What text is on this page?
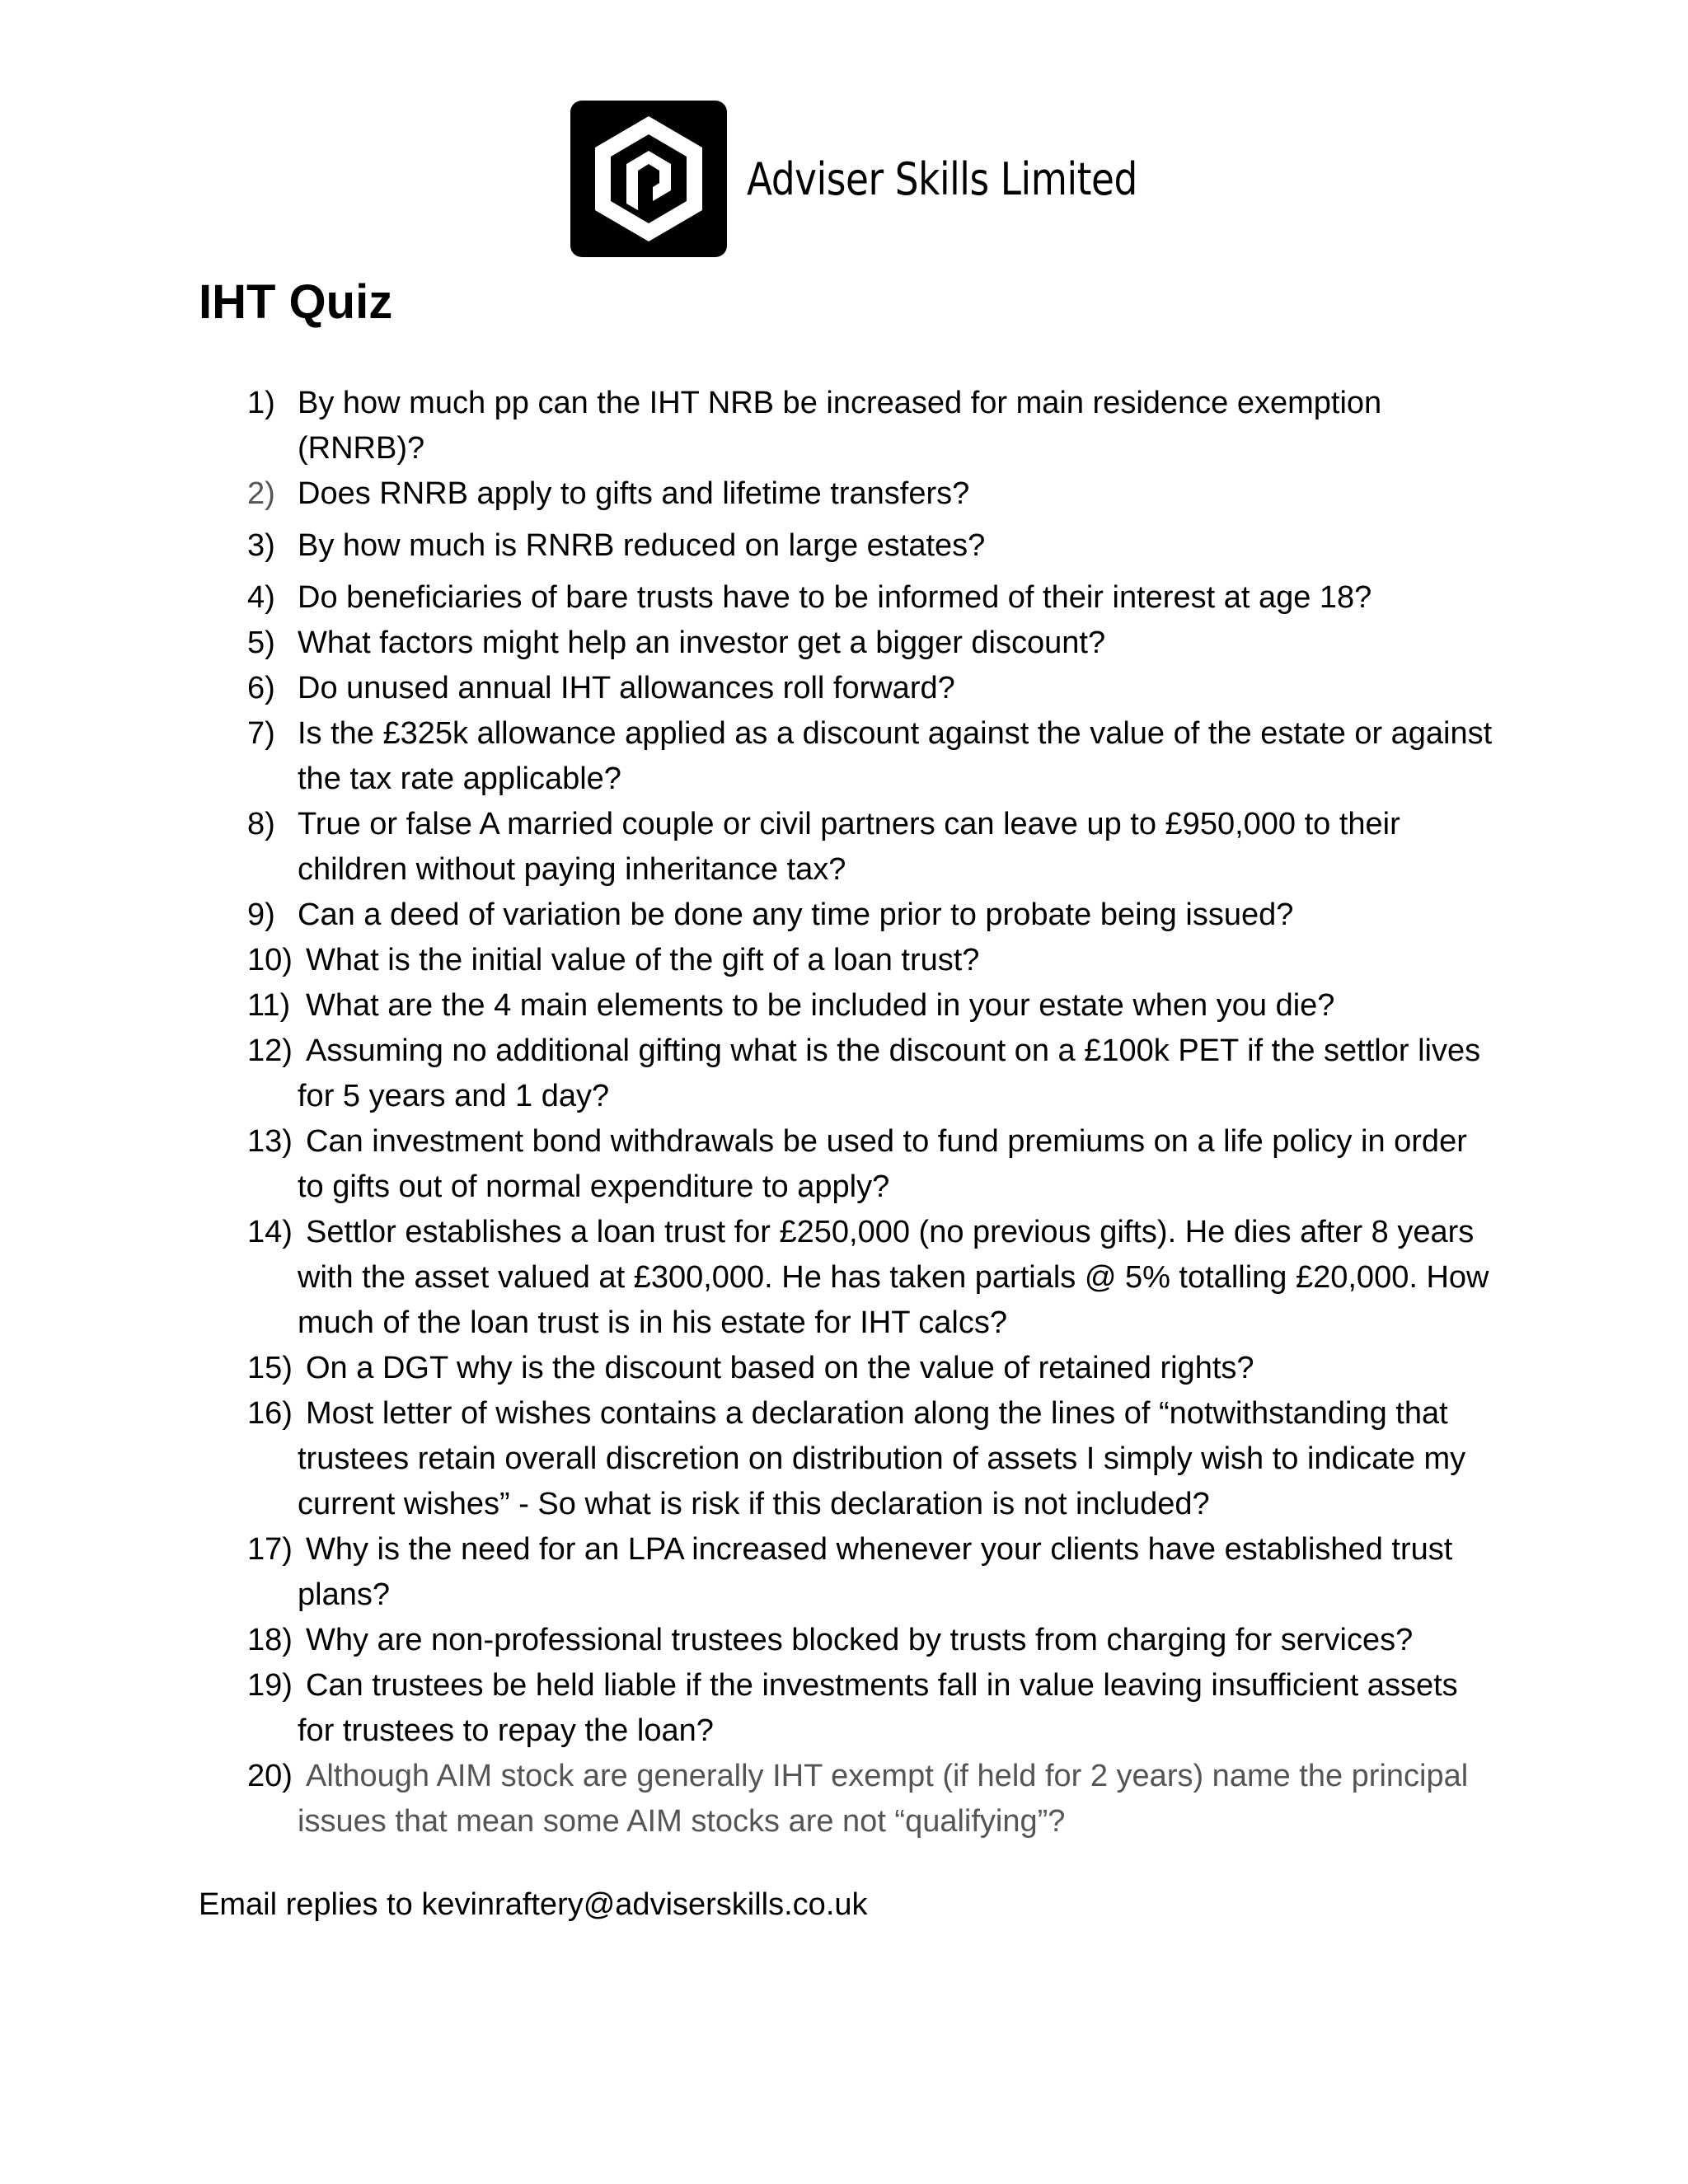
Adviser Skills Limited
IHT Quiz
1) By how much pp can the IHT NRB be increased for main residence exemption (RNRB)?
2) Does RNRB apply to gifts and lifetime transfers?
3) By how much is RNRB reduced on large estates?
4) Do beneficiaries of bare trusts have to be informed of their interest at age 18?
5) What factors might help an investor get a bigger discount?
6) Do unused annual IHT allowances roll forward?
7) Is the £325k allowance applied as a discount against the value of the estate or against the tax rate applicable?
8) True or false A married couple or civil partners can leave up to £950,000 to their children without paying inheritance tax?
9) Can a deed of variation be done any time prior to probate being issued?
10) What is the initial value of the gift of a loan trust?
11) What are the 4 main elements to be included in your estate when you die?
12) Assuming no additional gifting what is the discount on a £100k PET if the settlor lives for 5 years and 1 day?
13) Can investment bond withdrawals be used to fund premiums on a life policy in order to gifts out of normal expenditure to apply?
14) Settlor establishes a loan trust for £250,000 (no previous gifts). He dies after 8 years with the asset valued at £300,000. He has taken partials @ 5% totalling £20,000. How much of the loan trust is in his estate for IHT calcs?
15) On a DGT why is the discount based on the value of retained rights?
16) Most letter of wishes contains a declaration along the lines of “notwithstanding that trustees retain overall discretion on distribution of assets I simply wish to indicate my current wishes” - So what is risk if this declaration is not included?
17) Why is the need for an LPA increased whenever your clients have established trust plans?
18) Why are non-professional trustees blocked by trusts from charging for services?
19) Can trustees be held liable if the investments fall in value leaving insufficient assets for trustees to repay the loan?
20) Although AIM stock are generally IHT exempt (if held for 2 years) name the principal issues that mean some AIM stocks are not “qualifying”?
Email replies to kevinraftery@adviserskills.co.uk
